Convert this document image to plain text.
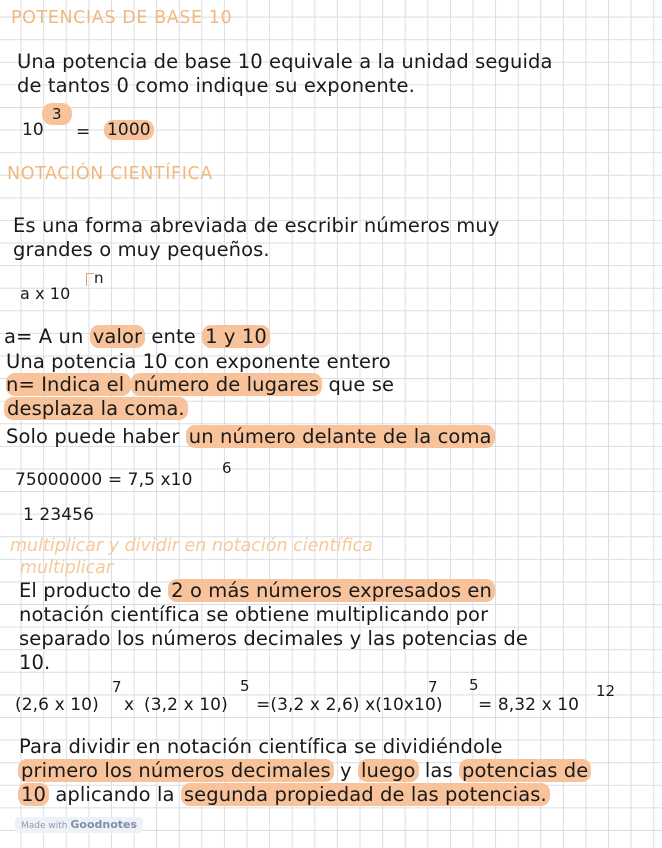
POTENCIAS DE BASE 10
Una potencia de base 10 equivale a la unidad seguida
de tantos 0 como indique su exponente.
10
3
= 1000
NOTACIÓN CIENTÍFICA
Es una forma abreviada de escribir números muy
grandes o muy pequeños.
a x 10
n
a= A un valor ente 1 y 10
Una potencia 10 con exponente entero
n= Indica el número de lugares que se
desplaza la coma.
Solo puede haber un número delante de la coma
75000000 = 7,5 x10
6
1 23456
multiplicar y dividir en notación científica
multiplicar
El producto de 2 o más números expresados en
notación científica se obtiene multiplicando por
separado los números decimales y las potencias de
10.
(2,6 x 10)
7
x (3,2 x 10)
5
=(3,2 x 2,6) x(10x10)
7 5
= 8,32 x 10
12
Para dividir en notación científica se dividiéndole
primero los números decimales y luego las potencias de
10 aplicando la segunda propiedad de las potencias.
Made with Goodnotes
